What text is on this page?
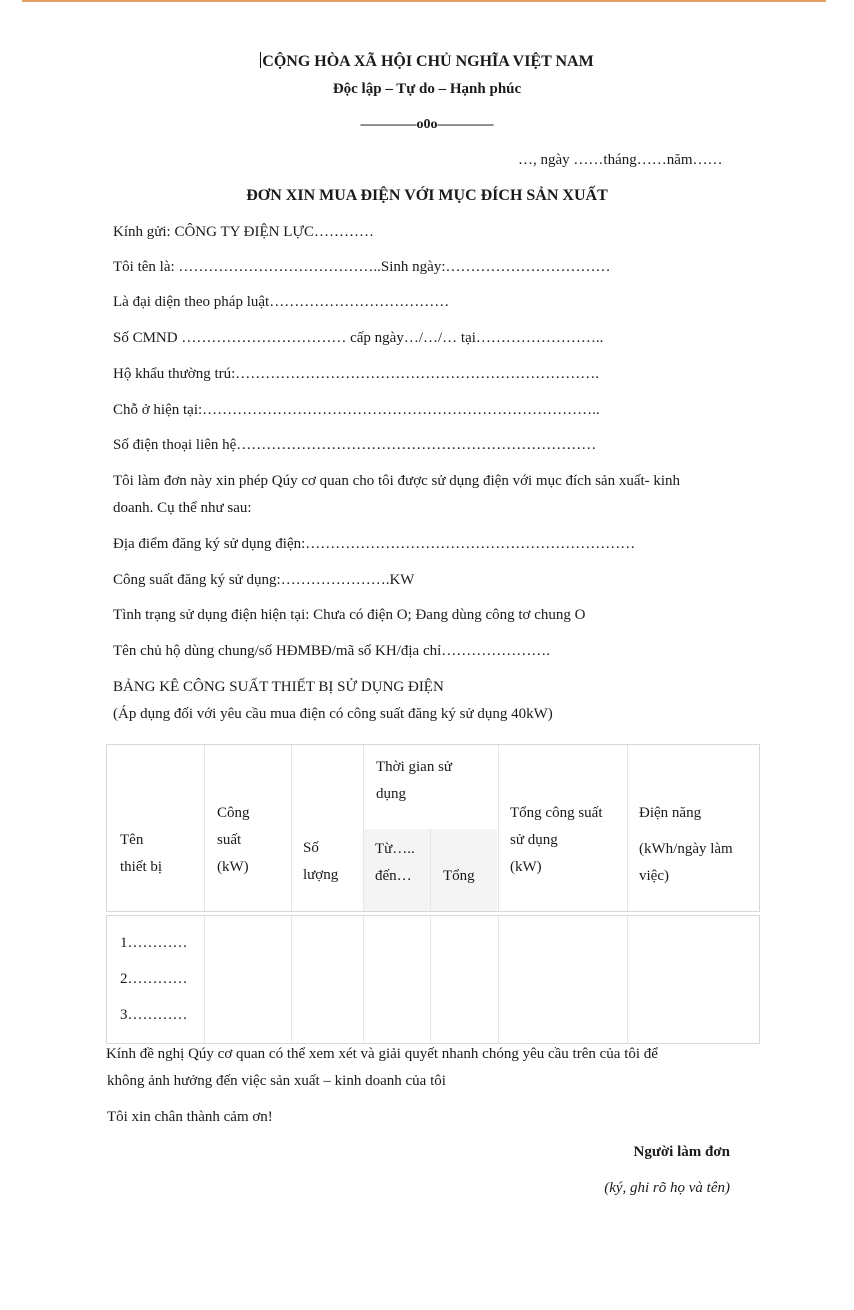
CỘNG HÒA XÃ HỘI CHỦ NGHĨA VIỆT NAM
Độc lập – Tự do – Hạnh phúc
————o0o————
…, ngày ……tháng……năm……
ĐƠN XIN MUA ĐIỆN VỚI MỤC ĐÍCH SẢN XUẤT
Kính gửi: CÔNG TY ĐIỆN LỰC…………
Tôi tên là: …………………………………..Sinh ngày:……………………………
Là đại diện theo pháp luật………………………………
Số CMND …………………………… cấp ngày…/…/… tại……………………..
Hộ khẩu thường trú:……………………………………………………………….
Chỗ ở hiện tại:……………………………………………………………………..
Số điện thoại liên hệ………………………………………………………………
Tôi làm đơn này xin phép Qúy cơ quan cho tôi được sử dụng điện với mục đích sản xuất- kinh
doanh. Cụ thể như sau:
Địa điểm đăng ký sử dụng điện:…………………………………………………………
Công suất đăng ký sử dụng:………………….KW
Tình trạng sử dụng điện hiện tại: Chưa có điện O; Đang dùng công tơ chung O
Tên chủ hộ dùng chung/số HĐMBĐ/mã số KH/địa chỉ………………….
BẢNG KÊ CÔNG SUẤT THIẾT BỊ SỬ DỤNG ĐIỆN
(Áp dụng đối với yêu cầu mua điện có công suất đăng ký sử dụng 40kW)
Tên
thiết bị
Công
suất
(kW)
Số
lượng
Thời gian sử
dụng
Từ…..
đến… Tổng
Tổng công suất
sử dụng
(kW)
Điện năng
(kWh/ngày làm
việc)
1…………
2…………
3…………
Kính đề nghị Qúy cơ quan có thể xem xét và giải quyết nhanh chóng yêu cầu trên của tôi để
không ảnh hưởng đến việc sản xuất – kinh doanh của tôi
Tôi xin chân thành cảm ơn!
Người làm đơn
(ký, ghi rõ họ và tên)
